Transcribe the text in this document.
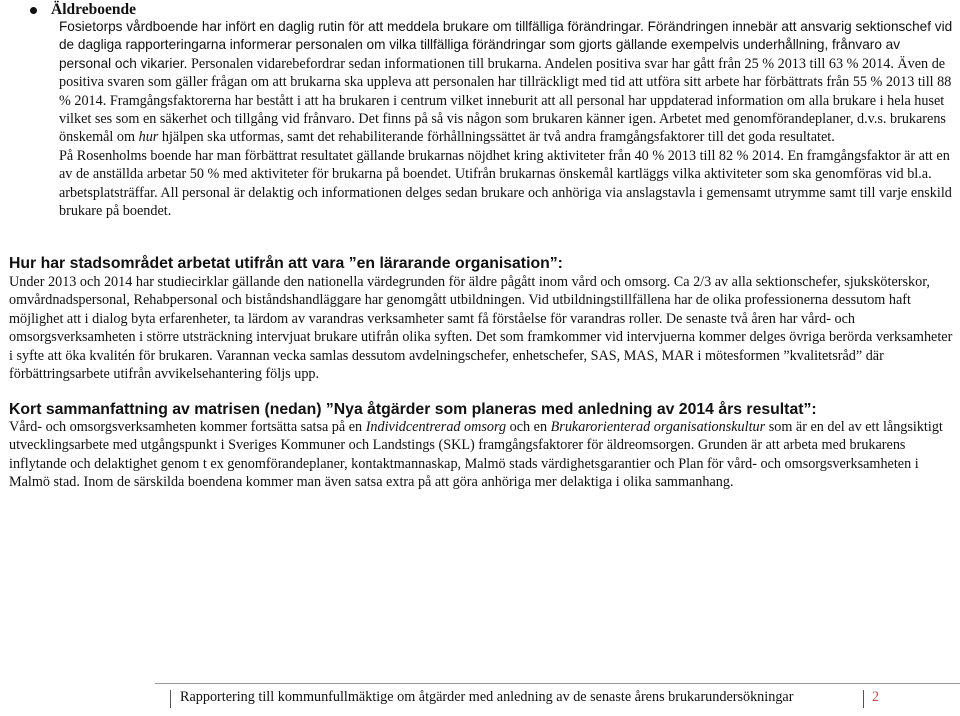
Äldreboende

Fosietorps vårdboende har infört en daglig rutin för att meddela brukare om tillfälliga förändringar. Förändringen innebär att ansvarig sektionschef vid de dagliga rapporteringarna informerar personalen om vilka tillfälliga förändringar som gjorts gällande exempelvis underhållning, frånvaro av personal och vikarier. Personalen vidarebefordrar sedan informationen till brukarna. Andelen positiva svar har gått från 25 % 2013 till 63 % 2014. Även de positiva svaren som gäller frågan om att brukarna ska uppleva att personalen har tillräckligt med tid att utföra sitt arbete har förbättrats från 55 % 2013 till 88 % 2014. Framgångsfaktorerna har bestått i att ha brukaren i centrum vilket inneburit att all personal har uppdaterad information om alla brukare i hela huset vilket ses som en säkerhet och tillgång vid frånvaro. Det finns på så vis någon som brukaren känner igen. Arbetet med genomförandeplaner, d.v.s. brukarens önskemål om hur hjälpen ska utformas, samt det rehabiliterande förhållningssättet är två andra framgångsfaktorer till det goda resultatet.

På Rosenholms boende har man förbättrat resultatet gällande brukarnas nöjdhet kring aktiviteter från 40 % 2013 till 82 % 2014. En framgångsfaktor är att en av de anställda arbetar 50 % med aktiviteter för brukarna på boendet. Utifrån brukarnas önskemål kartläggs vilka aktiviteter som ska genomföras vid bl.a. arbetsplatsträffar. All personal är delaktig och informationen delges sedan brukare och anhöriga via anslagstavla i gemensamt utrymme samt till varje enskild brukare på boendet.

Hur har stadsområdet arbetat utifrån att vara ”en lärarande organisation”:

Under 2013 och 2014 har studiecirklar gällande den nationella värdegrunden för äldre pågått inom vård och omsorg. Ca 2/3 av alla sektionschefer, sjuksköterskor, omvårdnadspersonal, Rehabpersonal och biståndshandläggare har genomgått utbildningen. Vid utbildningstillfällena har de olika professionerna dessutom haft möjlighet att i dialog byta erfarenheter, ta lärdom av varandras verksamheter samt få förståelse för varandras roller. De senaste två åren har vård- och omsorgsverksamheten i större utsträckning intervjuat brukare utifrån olika syften. Det som framkommer vid intervjuerna kommer delges övriga berörda verksamheter i syfte att öka kvalitén för brukaren. Varannan vecka samlas dessutom avdelningschefer, enhetschefer, SAS, MAS, MAR i mötesformen ”kvalitetsråd” där förbättringsarbete utifrån avvikelsehantering följs upp.

Kort sammanfattning av matrisen (nedan) ”Nya åtgärder som planeras med anledning av 2014 års resultat”:

Vård- och omsorgsverksamheten kommer fortsätta satsa på en Individcentrerad omsorg och en Brukarorienterad organisationskultur som är en del av ett långsiktigt utvecklingsarbete med utgångspunkt i Sveriges Kommuner och Landstings (SKL) framgångsfaktorer för äldreomsorgen. Grunden är att arbeta med brukarens inflytande och delaktighet genom t ex genomförandeplaner, kontaktmannaskap, Malmö stads värdighetsgarantier och Plan för vård- och omsorgsverksamheten i Malmö stad. Inom de särskilda boendena kommer man även satsa extra på att göra anhöriga mer delaktiga i olika sammanhang.

Rapportering till kommunfullmäktige om åtgärder med anledning av de senaste årens brukarundersökningar	2
